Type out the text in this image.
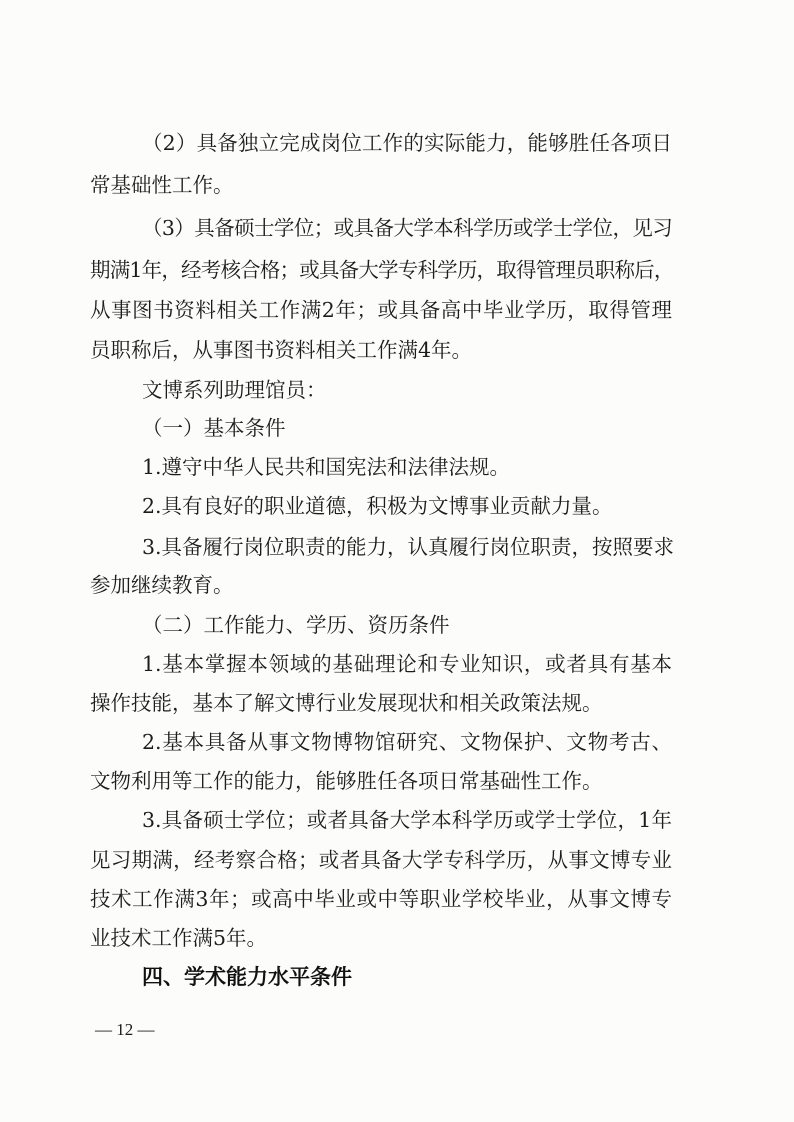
（2）具备独立完成岗位工作的实际能力，能够胜任各项日
常基础性工作。
（3）具备硕士学位；或具备大学本科学历或学士学位，见习
期满1年，经考核合格；或具备大学专科学历，取得管理员职称后，
从事图书资料相关工作满2年；或具备高中毕业学历，取得管理
员职称后，从事图书资料相关工作满4年。
文博系列助理馆员：
（一）基本条件
1.遵守中华人民共和国宪法和法律法规。
2.具有良好的职业道德，积极为文博事业贡献力量。
3.具备履行岗位职责的能力，认真履行岗位职责，按照要求
参加继续教育。
（二）工作能力、学历、资历条件
1.基本掌握本领域的基础理论和专业知识，或者具有基本
操作技能，基本了解文博行业发展现状和相关政策法规。
2.基本具备从事文物博物馆研究、文物保护、文物考古、
文物利用等工作的能力，能够胜任各项日常基础性工作。
3.具备硕士学位；或者具备大学本科学历或学士学位，1年
见习期满，经考察合格；或者具备大学专科学历，从事文博专业
技术工作满3年；或高中毕业或中等职业学校毕业，从事文博专
业技术工作满5年。
四、学术能力水平条件
— 12 —
